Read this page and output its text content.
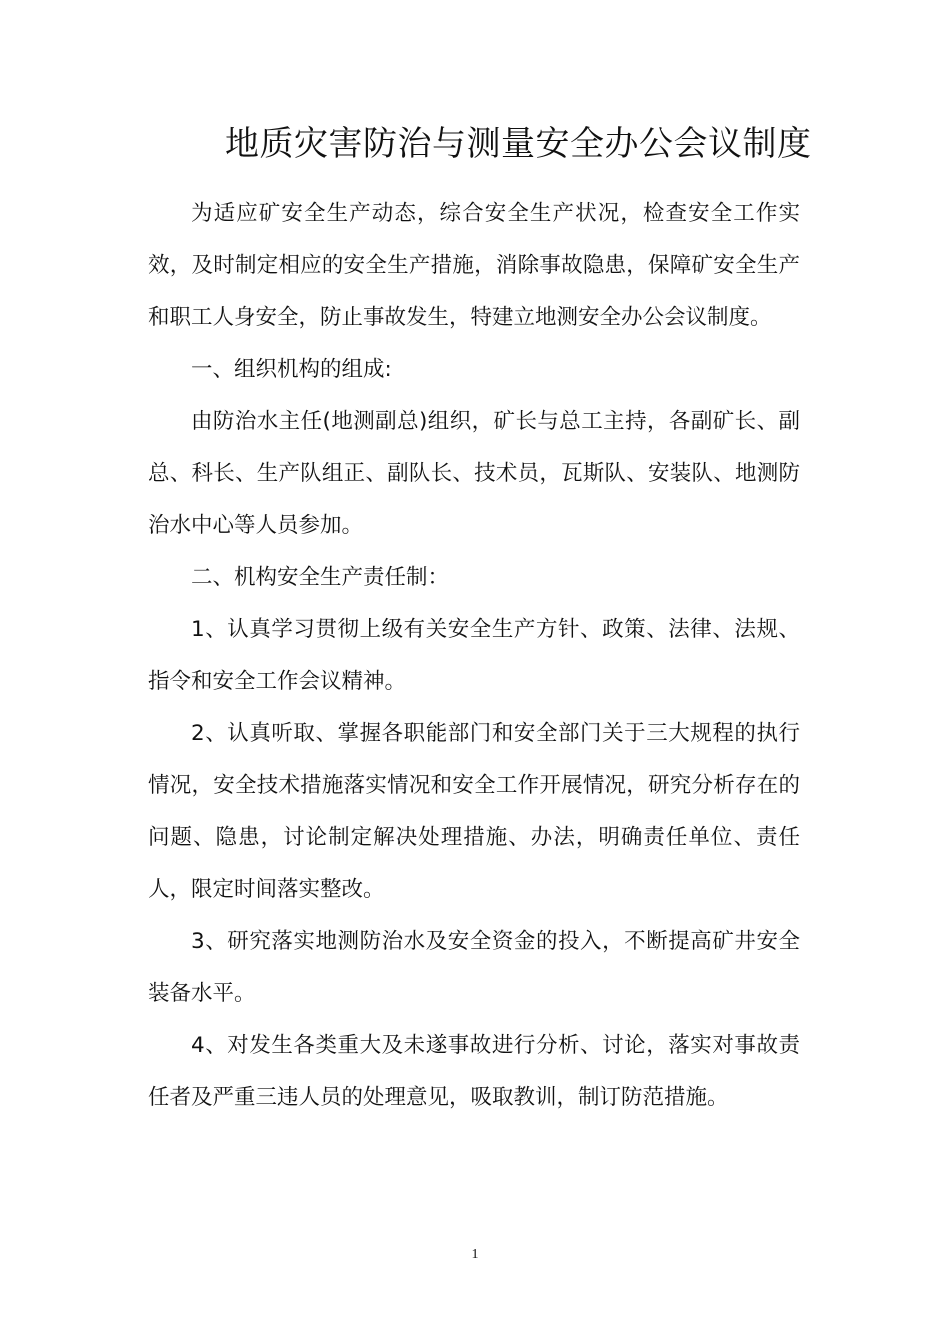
地质灾害防治与测量安全办公会议制度

为适应矿安全生产动态，综合安全生产状况，检查安全工作实效，及时制定相应的安全生产措施，消除事故隐患，保障矿安全生产和职工人身安全，防止事故发生，特建立地测安全办公会议制度。

一、组织机构的组成:

由防治水主任(地测副总)组织，矿长与总工主持，各副矿长、副总、科长、生产队组正、副队长、技术员，瓦斯队、安装队、地测防治水中心等人员参加。

二、机构安全生产责任制：

1、认真学习贯彻上级有关安全生产方针、政策、法律、法规、指令和安全工作会议精神。

2、认真听取、掌握各职能部门和安全部门关于三大规程的执行情况，安全技术措施落实情况和安全工作开展情况，研究分析存在的问题、隐患，讨论制定解决处理措施、办法，明确责任单位、责任人，限定时间落实整改。

3、研究落实地测防治水及安全资金的投入，不断提高矿井安全装备水平。

4、对发生各类重大及未遂事故进行分析、讨论，落实对事故责任者及严重三违人员的处理意见，吸取教训，制订防范措施。

1
